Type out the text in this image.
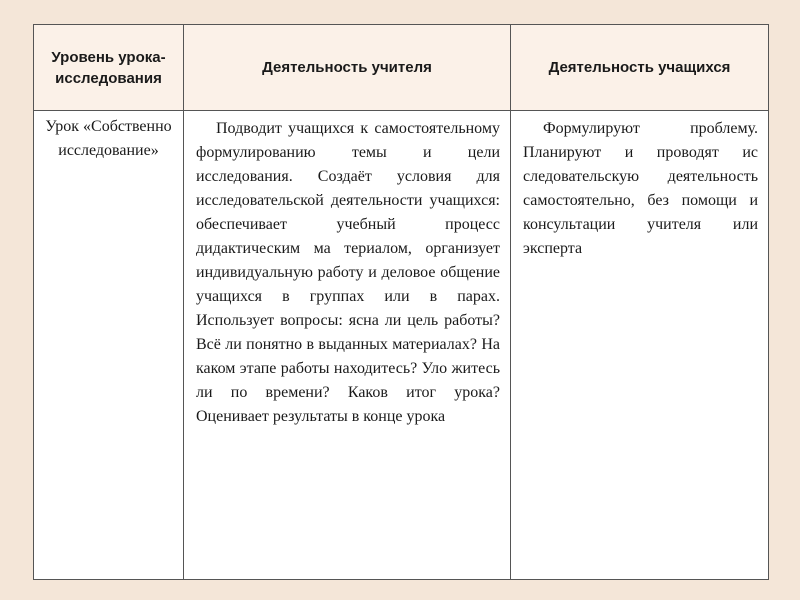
Уровень урока-исследования	Деятельность учителя	Деятельность учащихся
Урок «Собственно исследование»	Подводит учащихся к самостоятельному формулированию темы и цели исследования. Создаёт условия для исследовательской деятельности учащихся: обеспечивает учебный процесс дидактическим ма териалом, организует индивидуальную работу и деловое общение учащихся в группах или в парах. Использует вопросы: ясна ли цель работы? Всё ли понятно в выданных материалах? На каком этапе работы находитесь? Уло житесь ли по времени? Каков итог урока? Оценивает результаты в конце урока	Формулируют проблему. Планируют и проводят ис следовательскую деятельность самостоятельно, без помощи и консультации учителя или эксперта
